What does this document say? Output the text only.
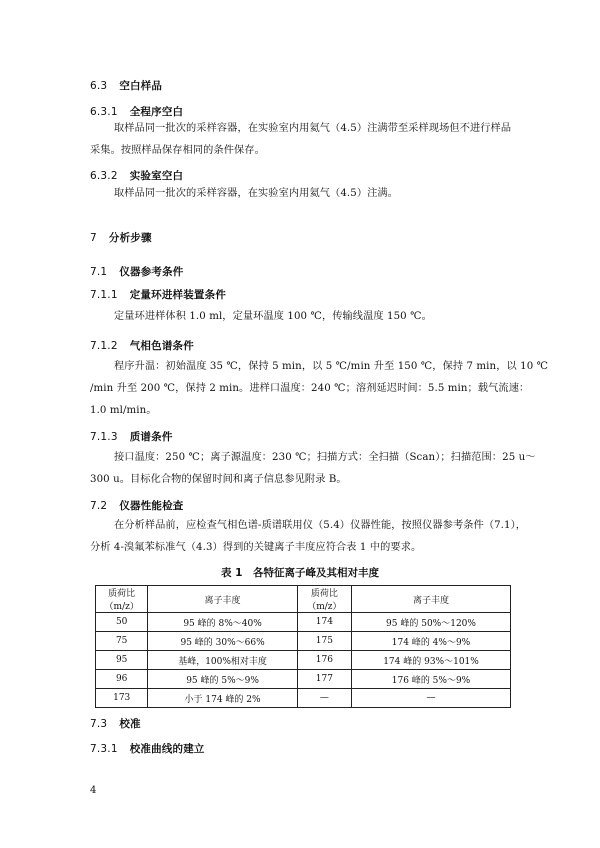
6.3 空白样品
6.3.1 全程序空白
取样品同一批次的采样容器，在实验室内用氦气（4.5）注满带至采样现场但不进行样品
采集。按照样品保存相同的条件保存。
6.3.2 实验室空白
取样品同一批次的采样容器，在实验室内用氦气（4.5）注满。
7 分析步骤
7.1 仪器参考条件
7.1.1 定量环进样装置条件
定量环进样体积 1.0 ml，定量环温度 100 ℃，传输线温度 150 ℃。
7.1.2 气相色谱条件
程序升温：初始温度 35 ℃，保持 5 min，以 5 ℃/min 升至 150 ℃，保持 7 min，以 10 ℃
/min 升至 200 ℃，保持 2 min。进样口温度：240 ℃；溶剂延迟时间：5.5 min；载气流速：
1.0 ml/min。
7.1.3 质谱条件
接口温度：250 ℃；离子源温度：230 ℃；扫描方式：全扫描（Scan）；扫描范围：25 u～
300 u。目标化合物的保留时间和离子信息参见附录 B。
7.2 仪器性能检查
在分析样品前，应检查气相色谱-质谱联用仪（5.4）仪器性能，按照仪器参考条件（7.1），
分析 4-溴氟苯标准气（4.3）得到的关键离子丰度应符合表 1 中的要求。
表 1　各特征离子峰及其相对丰度
质荷比（m/z）	离子丰度	质荷比（m/z）	离子丰度
50	95 峰的 8%～40%	174	95 峰的 50%～120%
75	95 峰的 30%～66%	175	174 峰的 4%～9%
95	基峰，100%相对丰度	176	174 峰的 93%～101%
96	95 峰的 5%～9%	177	176 峰的 5%～9%
173	小于 174 峰的 2%	—	—
7.3 校准
7.3.1 校准曲线的建立
4
